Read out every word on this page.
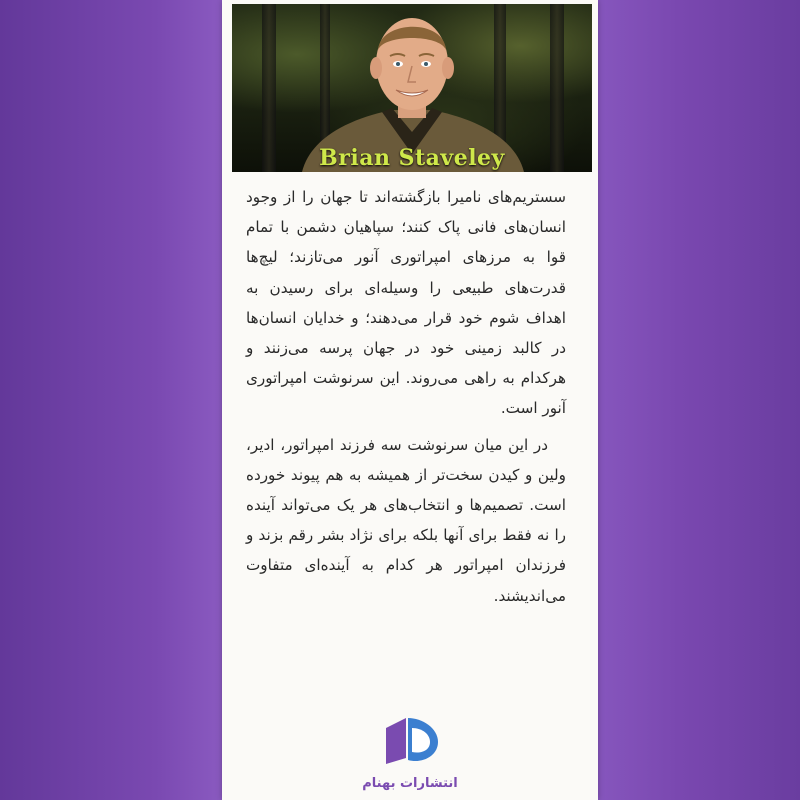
Brian Staveley

سستریم‌های نامیرا بازگشته‌اند تا جهان را از وجود انسان‌های فانی پاک کنند؛ سپاهیان دشمن با تمام قوا به مرزهای امپراتوری آنور می‌تازند؛ لیچ‌ها قدرت‌های طبیعی را وسیله‌ای برای رسیدن به اهداف شوم خود قرار می‌دهند؛ و خدایان انسان‌ها در کالبد زمینی خود در جهان پرسه می‌زنند و هرکدام به راهی می‌روند. این سرنوشت امپراتوری آنور است.

در این میان سرنوشت سه فرزند امپراتور، ادیر، ولین و کیدن سخت‌تر از همیشه به هم پیوند خورده است. تصمیم‌ها و انتخاب‌های هر یک می‌تواند آینده را نه فقط برای آنها بلکه برای نژاد بشر رقم بزند و فرزندان امپراتور هر کدام به آینده‌ای متفاوت می‌اندیشند.

انتشارات بهنام
